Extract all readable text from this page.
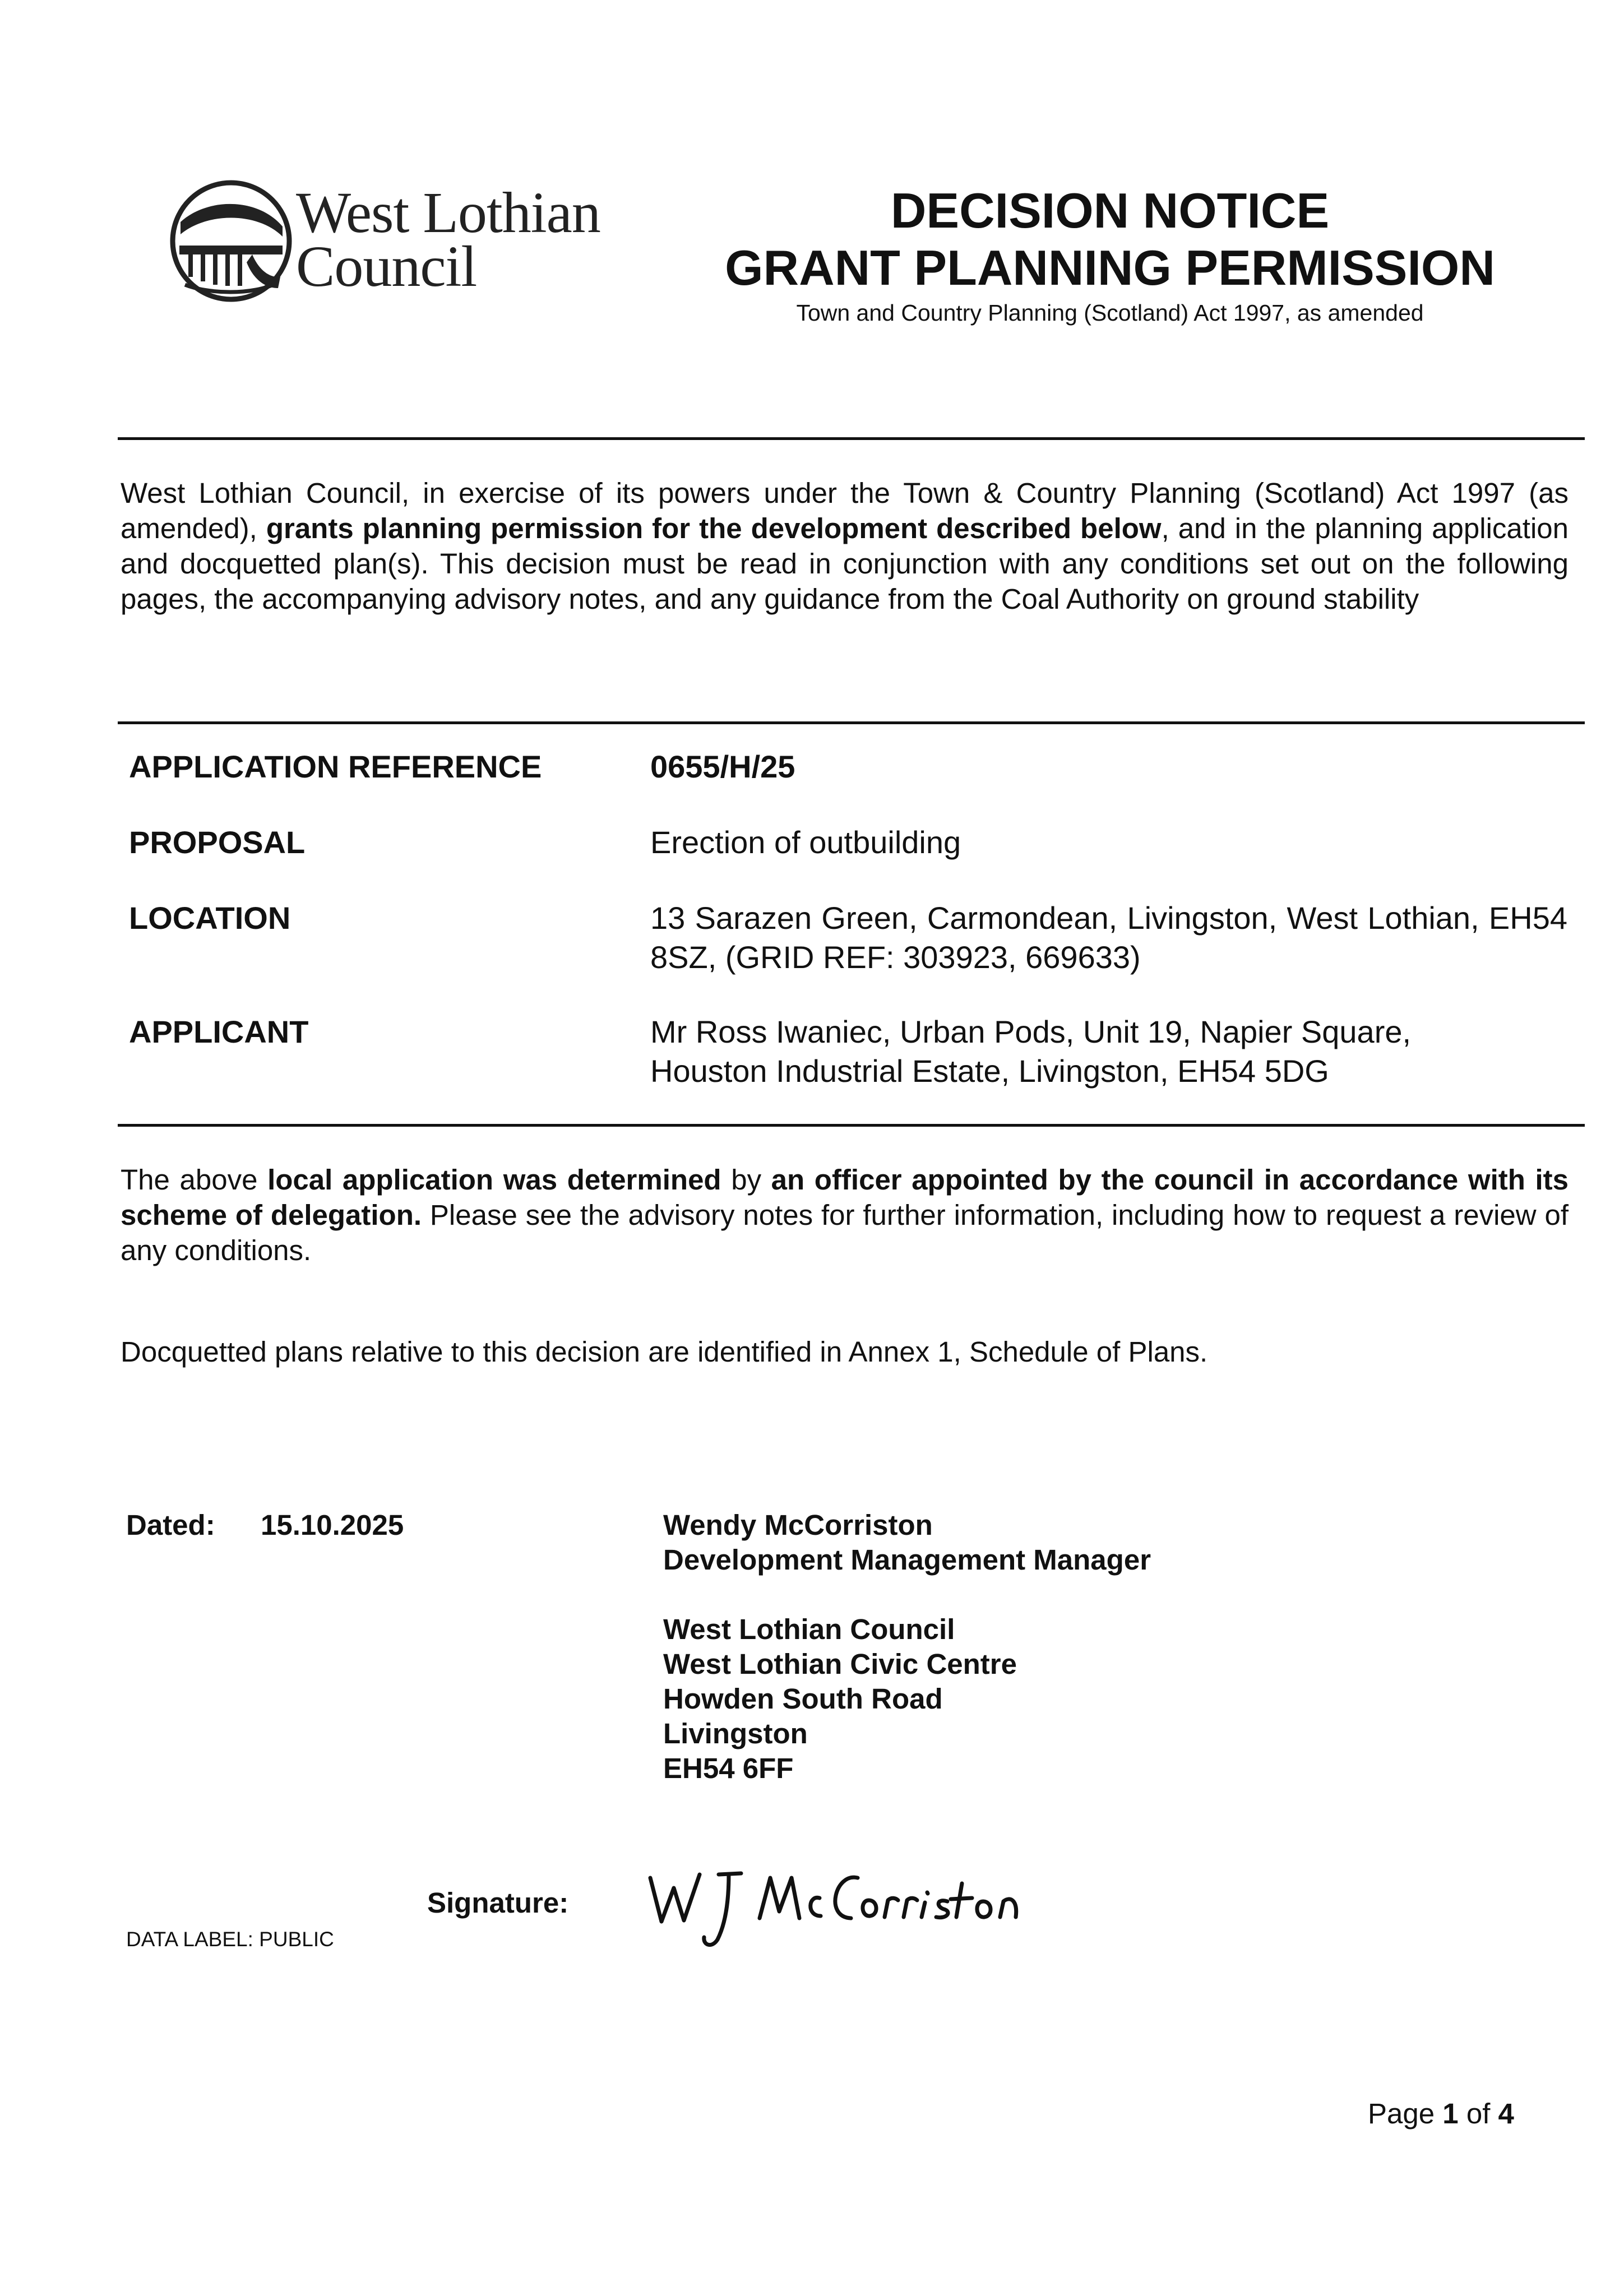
West Lothian
Council
DECISION NOTICE
GRANT PLANNING PERMISSION
Town and Country Planning (Scotland) Act 1997, as amended
West Lothian Council, in exercise of its powers under the Town & Country Planning (Scotland) Act 1997 (as amended), grants planning permission for the development described below, and in the planning application and docquetted plan(s). This decision must be read in conjunction with any conditions set out on the following pages, the accompanying advisory notes, and any guidance from the Coal Authority on ground stability
APPLICATION REFERENCE	0655/H/25
PROPOSAL	Erection of outbuilding
LOCATION	13 Sarazen Green, Carmondean, Livingston, West Lothian, EH54 8SZ, (GRID REF: 303923, 669633)
APPLICANT	Mr Ross Iwaniec, Urban Pods, Unit 19, Napier Square,
Houston Industrial Estate, Livingston, EH54 5DG
The above local application was determined by an officer appointed by the council in accordance with its scheme of delegation. Please see the advisory notes for further information, including how to request a review of any conditions.
Docquetted plans relative to this decision are identified in Annex 1, Schedule of Plans.
Dated: 15.10.2025	Wendy McCorriston
Development Management Manager
West Lothian Council
West Lothian Civic Centre
Howden South Road
Livingston
EH54 6FF
Signature:
DATA LABEL: PUBLIC
Page 1 of 4
